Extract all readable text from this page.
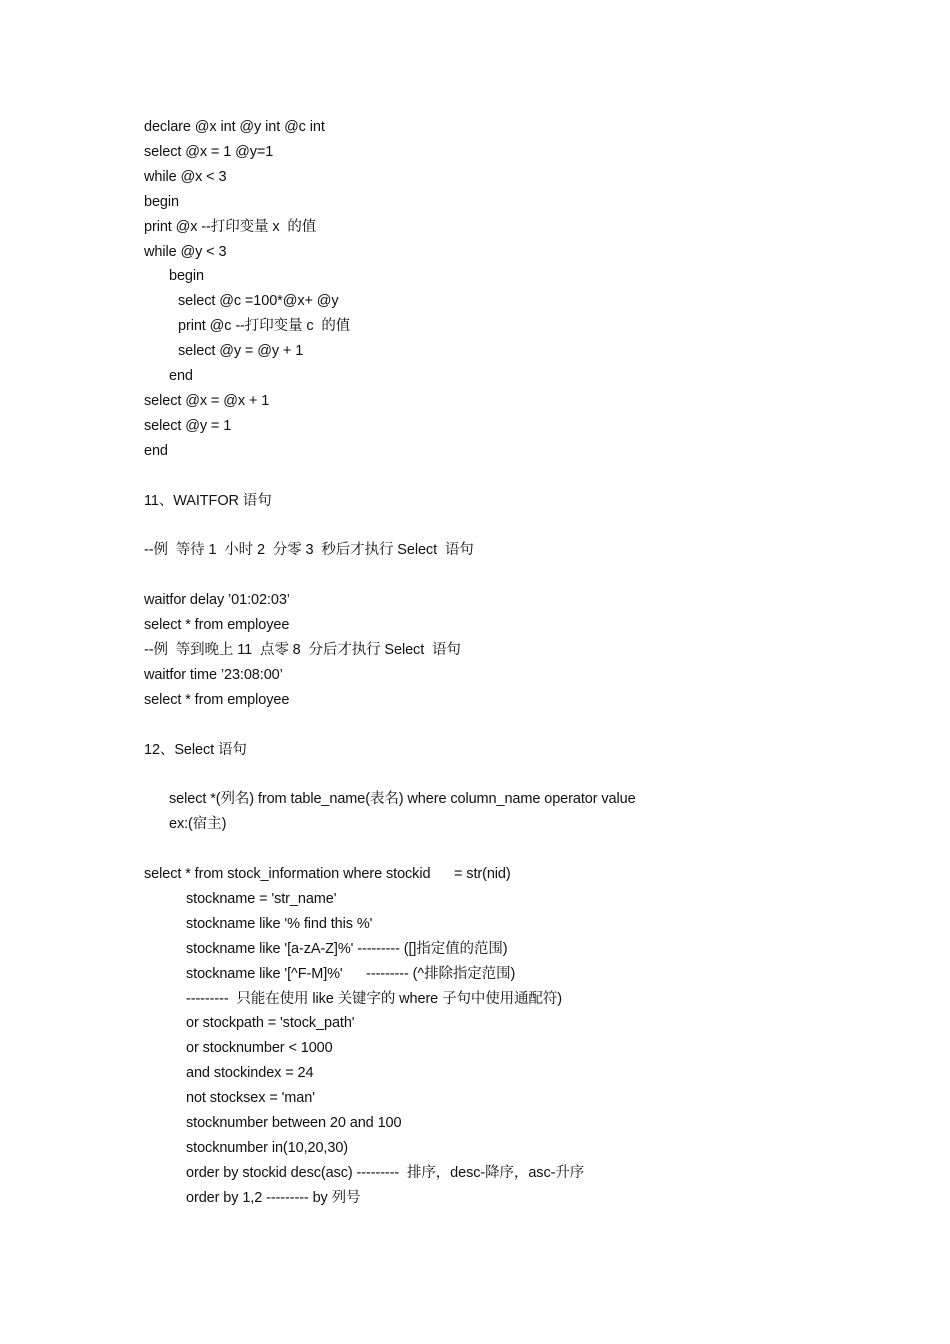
declare @x int @y int @c int
select @x = 1 @y=1
while @x < 3
begin
print @x --打印变量 x  的值
while @y < 3
begin
select @c =100*@x+ @y
print @c --打印变量 c  的值
select @y = @y + 1
end
select @x = @x + 1
select @y = 1
end
11、WAITFOR 语句
--例  等待 1  小时 2  分零 3  秒后才执行 Select  语句
waitfor delay ’01:02:03’
select * from employee
--例  等到晚上 11  点零 8  分后才执行 Select  语句
waitfor time ’23:08:00’
select * from employee
12、Select 语句
select *(列名) from table_name(表名) where column_name operator value
ex:(宿主)
select * from stock_information where stockid      = str(nid)
stockname = 'str_name'
stockname like '% find this %'
stockname like '[a-zA-Z]%' --------- ([]指定值的范围)
stockname like '[^F-M]%'      --------- (^排除指定范围)
---------  只能在使用 like 关键字的 where 子句中使用通配符)
or stockpath = 'stock_path'
or stocknumber < 1000
and stockindex = 24
not stocksex = 'man'
stocknumber between 20 and 100
stocknumber in(10,20,30)
order by stockid desc(asc) ---------  排序，desc-降序，asc-升序
order by 1,2 --------- by 列号
